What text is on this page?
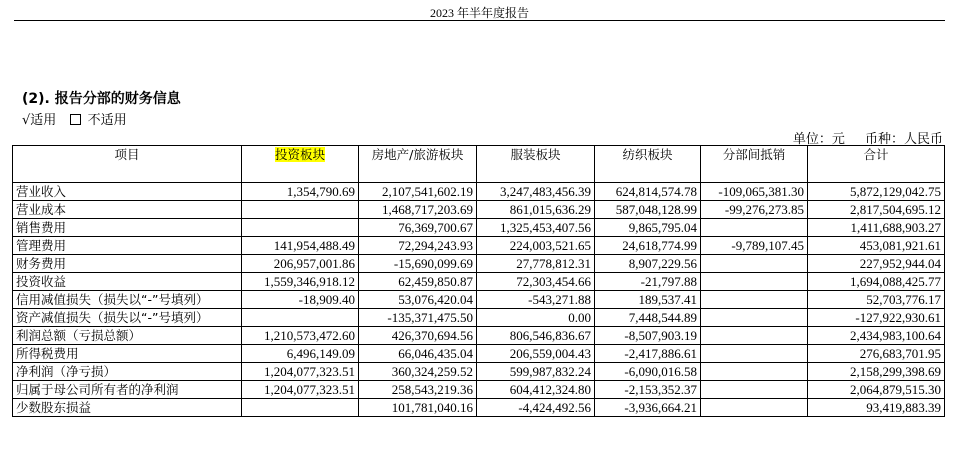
2023 年半年度报告
(2). 报告分部的财务信息
√适用 不适用
单位：元 币种：人民币
项目	投资板块	房地产/旅游板块	服装板块	纺织板块	分部间抵销	合计
营业收入	1,354,790.69	2,107,541,602.19	3,247,483,456.39	624,814,574.78	-109,065,381.30	5,872,129,042.75
营业成本		1,468,717,203.69	861,015,636.29	587,048,128.99	-99,276,273.85	2,817,504,695.12
销售费用		76,369,700.67	1,325,453,407.56	9,865,795.04		1,411,688,903.27
管理费用	141,954,488.49	72,294,243.93	224,003,521.65	24,618,774.99	-9,789,107.45	453,081,921.61
财务费用	206,957,001.86	-15,690,099.69	27,778,812.31	8,907,229.56		227,952,944.04
投资收益	1,559,346,918.12	62,459,850.87	72,303,454.66	-21,797.88		1,694,088,425.77
信用减值损失（损失以“-”号填列）	-18,909.40	53,076,420.04	-543,271.88	189,537.41		52,703,776.17
资产减值损失（损失以“-”号填列）		-135,371,475.50	0.00	7,448,544.89		-127,922,930.61
利润总额（亏损总额）	1,210,573,472.60	426,370,694.56	806,546,836.67	-8,507,903.19		2,434,983,100.64
所得税费用	6,496,149.09	66,046,435.04	206,559,004.43	-2,417,886.61		276,683,701.95
净利润（净亏损）	1,204,077,323.51	360,324,259.52	599,987,832.24	-6,090,016.58		2,158,299,398.69
归属于母公司所有者的净利润	1,204,077,323.51	258,543,219.36	604,412,324.80	-2,153,352.37		2,064,879,515.30
少数股东损益		101,781,040.16	-4,424,492.56	-3,936,664.21		93,419,883.39
